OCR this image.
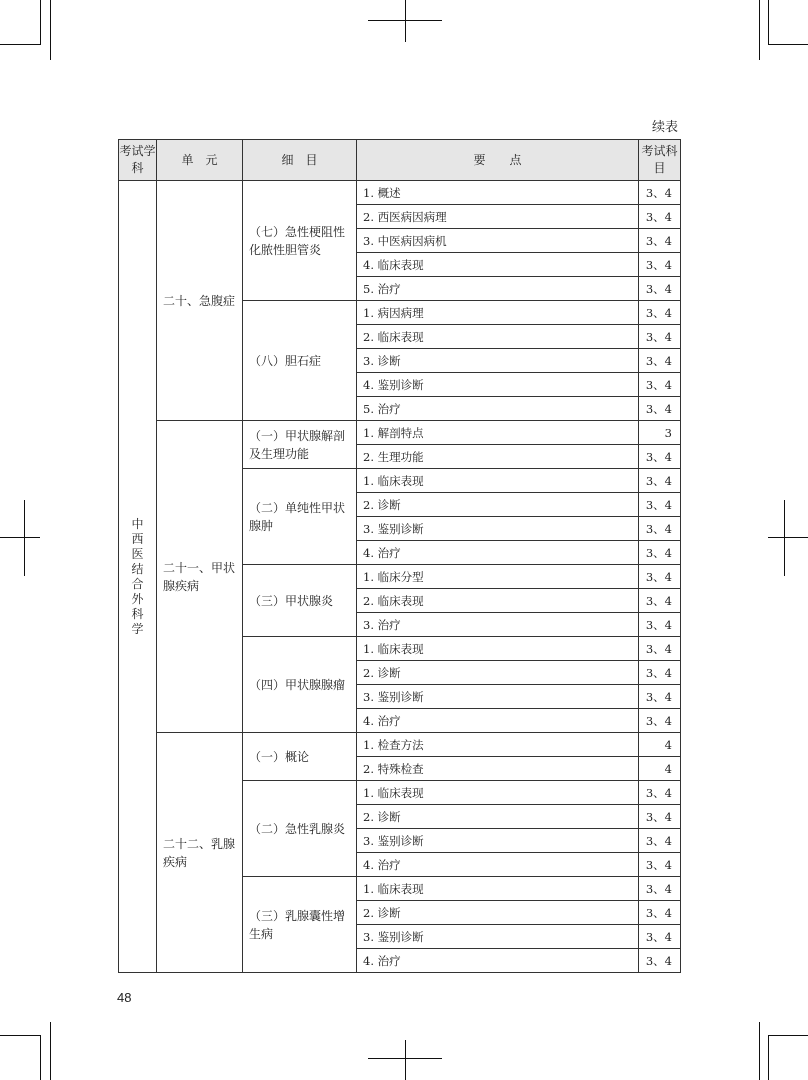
续表
考试学科	单　元	细　目	要　　点	考试科目
中西医结合外科学	二十、急腹症	（七）急性梗阻性化脓性胆管炎	1. 概述	3、4
			2. 西医病因病理	3、4
			3. 中医病因病机	3、4
			4. 临床表现	3、4
			5. 治疗	3、4
		（八）胆石症	1. 病因病理	3、4
			2. 临床表现	3、4
			3. 诊断	3、4
			4. 鉴别诊断	3、4
			5. 治疗	3、4
	二十一、甲状腺疾病	（一）甲状腺解剖及生理功能	1. 解剖特点	3
			2. 生理功能	3、4
		（二）单纯性甲状腺肿	1. 临床表现	3、4
			2. 诊断	3、4
			3. 鉴别诊断	3、4
			4. 治疗	3、4
		（三）甲状腺炎	1. 临床分型	3、4
			2. 临床表现	3、4
			3. 治疗	3、4
		（四）甲状腺腺瘤	1. 临床表现	3、4
			2. 诊断	3、4
			3. 鉴别诊断	3、4
			4. 治疗	3、4
	二十二、乳腺疾病	（一）概论	1. 检查方法	4
			2. 特殊检查	4
		（二）急性乳腺炎	1. 临床表现	3、4
			2. 诊断	3、4
			3. 鉴别诊断	3、4
			4. 治疗	3、4
		（三）乳腺囊性增生病	1. 临床表现	3、4
			2. 诊断	3、4
			3. 鉴别诊断	3、4
			4. 治疗	3、4
48
